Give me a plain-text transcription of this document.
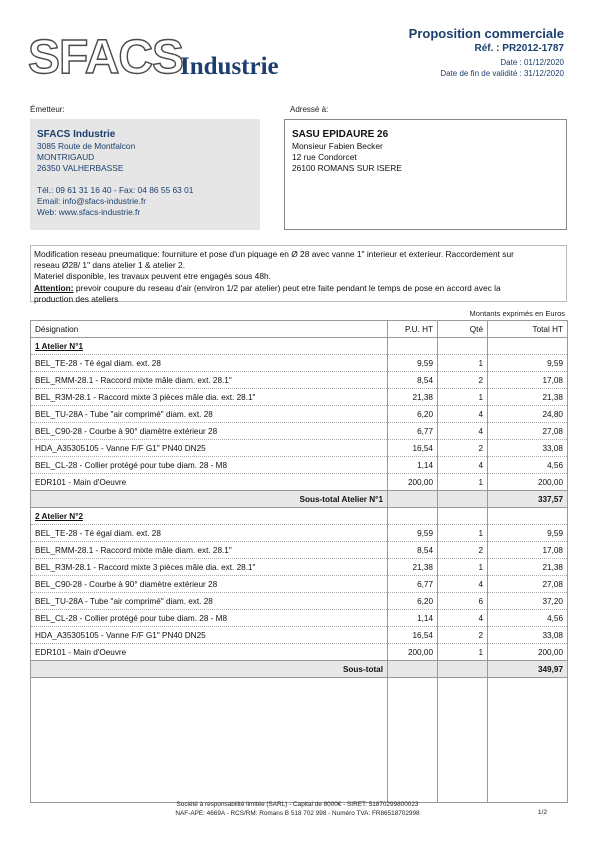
SFACS
Industrie
Proposition commerciale
Réf. : PR2012-1787
Date : 01/12/2020
Date de fin de validité : 31/12/2020
Émetteur:
SFACS Industrie
3085 Route de Montfalcon
MONTRIGAUD
26350 VALHERBASSE
Tél.: 09 61 31 16 40 - Fax: 04 86 55 63 01
Email: info@sfacs-industrie.fr
Web: www.sfacs-industrie.fr
Adressé à:
SASU EPIDAURE 26
Monsieur Fabien Becker
12 rue Condorcet
26100 ROMANS SUR ISERE
Modification reseau pneumatique: fourniture et pose d'un piquage en Ø 28 avec vanne 1" interieur et exterieur. Raccordement sur
reseau Ø28/ 1" dans atelier 1 & atelier 2.
Materiel disponible, les travaux peuvent etre engagés sous 48h.
Attention: prevoir coupure du reseau d'air (environ 1/2 par atelier) peut etre faite pendant le temps de pose en accord avec la
production des ateliers
Montants exprimés en Euros
Désignation	P.U. HT	Qté	Total HT
1 Atelier N°1			
BEL_TE-28 - Té égal diam. ext. 28	9,59	1	9,59
BEL_RMM-28.1 - Raccord mixte mâle diam. ext. 28.1"	8,54	2	17,08
BEL_R3M-28.1 - Raccord mixte 3 pièces mâle dia. ext. 28.1"	21,38	1	21,38
BEL_TU-28A - Tube "air comprimé" diam. ext. 28	6,20	4	24,80
BEL_C90-28 - Courbe à 90° diamètre extérieur 28	6,77	4	27,08
HDA_A35305105 - Vanne F/F G1" PN40 DN25	16,54	2	33,08
BEL_CL-28 - Collier protégé pour tube diam. 28 - M8	1,14	4	4,56
EDR101 - Main d'Oeuvre	200,00	1	200,00
Sous-total Atelier N°1			337,57
2 Atelier N°2			
BEL_TE-28 - Té égal diam. ext. 28	9,59	1	9,59
BEL_RMM-28.1 - Raccord mixte mâle diam. ext. 28.1"	8,54	2	17,08
BEL_R3M-28.1 - Raccord mixte 3 pièces mâle dia. ext. 28.1"	21,38	1	21,38
BEL_C90-28 - Courbe à 90° diamètre extérieur 28	6,77	4	27,08
BEL_TU-28A - Tube "air comprimé" diam. ext. 28	6,20	6	37,20
BEL_CL-28 - Collier protégé pour tube diam. 28 - M8	1,14	4	4,56
HDA_A35305105 - Vanne F/F G1" PN40 DN25	16,54	2	33,08
EDR101 - Main d'Oeuvre	200,00	1	200,00
Sous-total			349,97

Société à responsabilité limitée (SARL) - Capital de 8000€ - SIRET: 51870299800023
NAF-APE: 4669A - RCS/RM: Romans B 518 702 998 - Numéro TVA: FR86518702998	1/2
